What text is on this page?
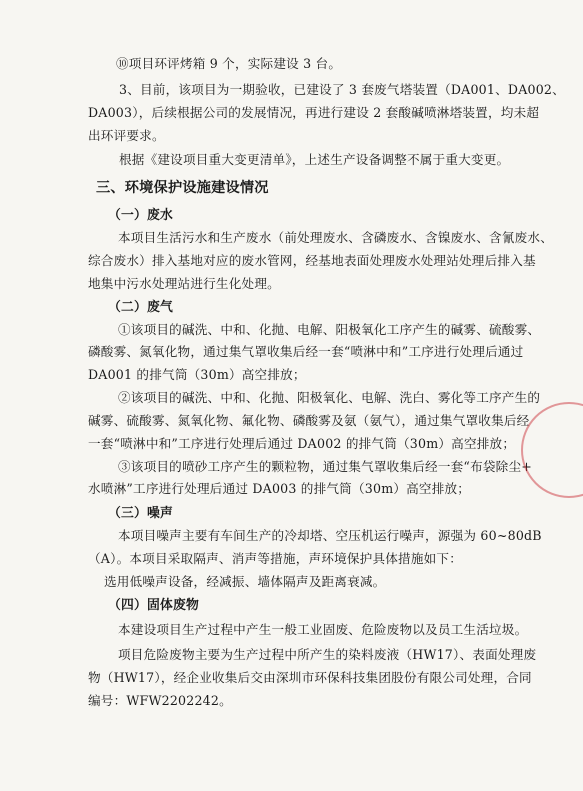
⑩项目环评烤箱 9 个，实际建设 3 台。
3、目前，该项目为一期验收，已建设了 3 套废气塔装置（DA001、DA002、
DA003），后续根据公司的发展情况，再进行建设 2 套酸碱喷淋塔装置，均未超
出环评要求。
根据《建设项目重大变更清单》，上述生产设备调整不属于重大变更。
三、环境保护设施建设情况
（一）废水
本项目生活污水和生产废水（前处理废水、含磷废水、含镍废水、含氰废水、
综合废水）排入基地对应的废水管网，经基地表面处理废水处理站处理后排入基
地集中污水处理站进行生化处理。
（二）废气
①该项目的碱洗、中和、化抛、电解、阳极氧化工序产生的碱雾、硫酸雾、
磷酸雾、氮氧化物，通过集气罩收集后经一套“喷淋中和”工序进行处理后通过
DA001 的排气筒（30m）高空排放；
②该项目的碱洗、中和、化抛、阳极氧化、电解、洗白、雾化等工序产生的
碱雾、硫酸雾、氮氧化物、氟化物、磷酸雾及氨（氨气），通过集气罩收集后经
一套“喷淋中和”工序进行处理后通过 DA002 的排气筒（30m）高空排放；
③该项目的喷砂工序产生的颗粒物，通过集气罩收集后经一套“布袋除尘+
水喷淋”工序进行处理后通过 DA003 的排气筒（30m）高空排放；
（三）噪声
本项目噪声主要有车间生产的冷却塔、空压机运行噪声，源强为 60~80dB
（A）。本项目采取隔声、消声等措施，声环境保护具体措施如下：
选用低噪声设备，经减振、墙体隔声及距离衰减。
（四）固体废物
本建设项目生产过程中产生一般工业固废、危险废物以及员工生活垃圾。
项目危险废物主要为生产过程中所产生的染料废液（HW17）、表面处理废
物（HW17），经企业收集后交由深圳市环保科技集团股份有限公司处理，合同
编号：WFW2202242。
